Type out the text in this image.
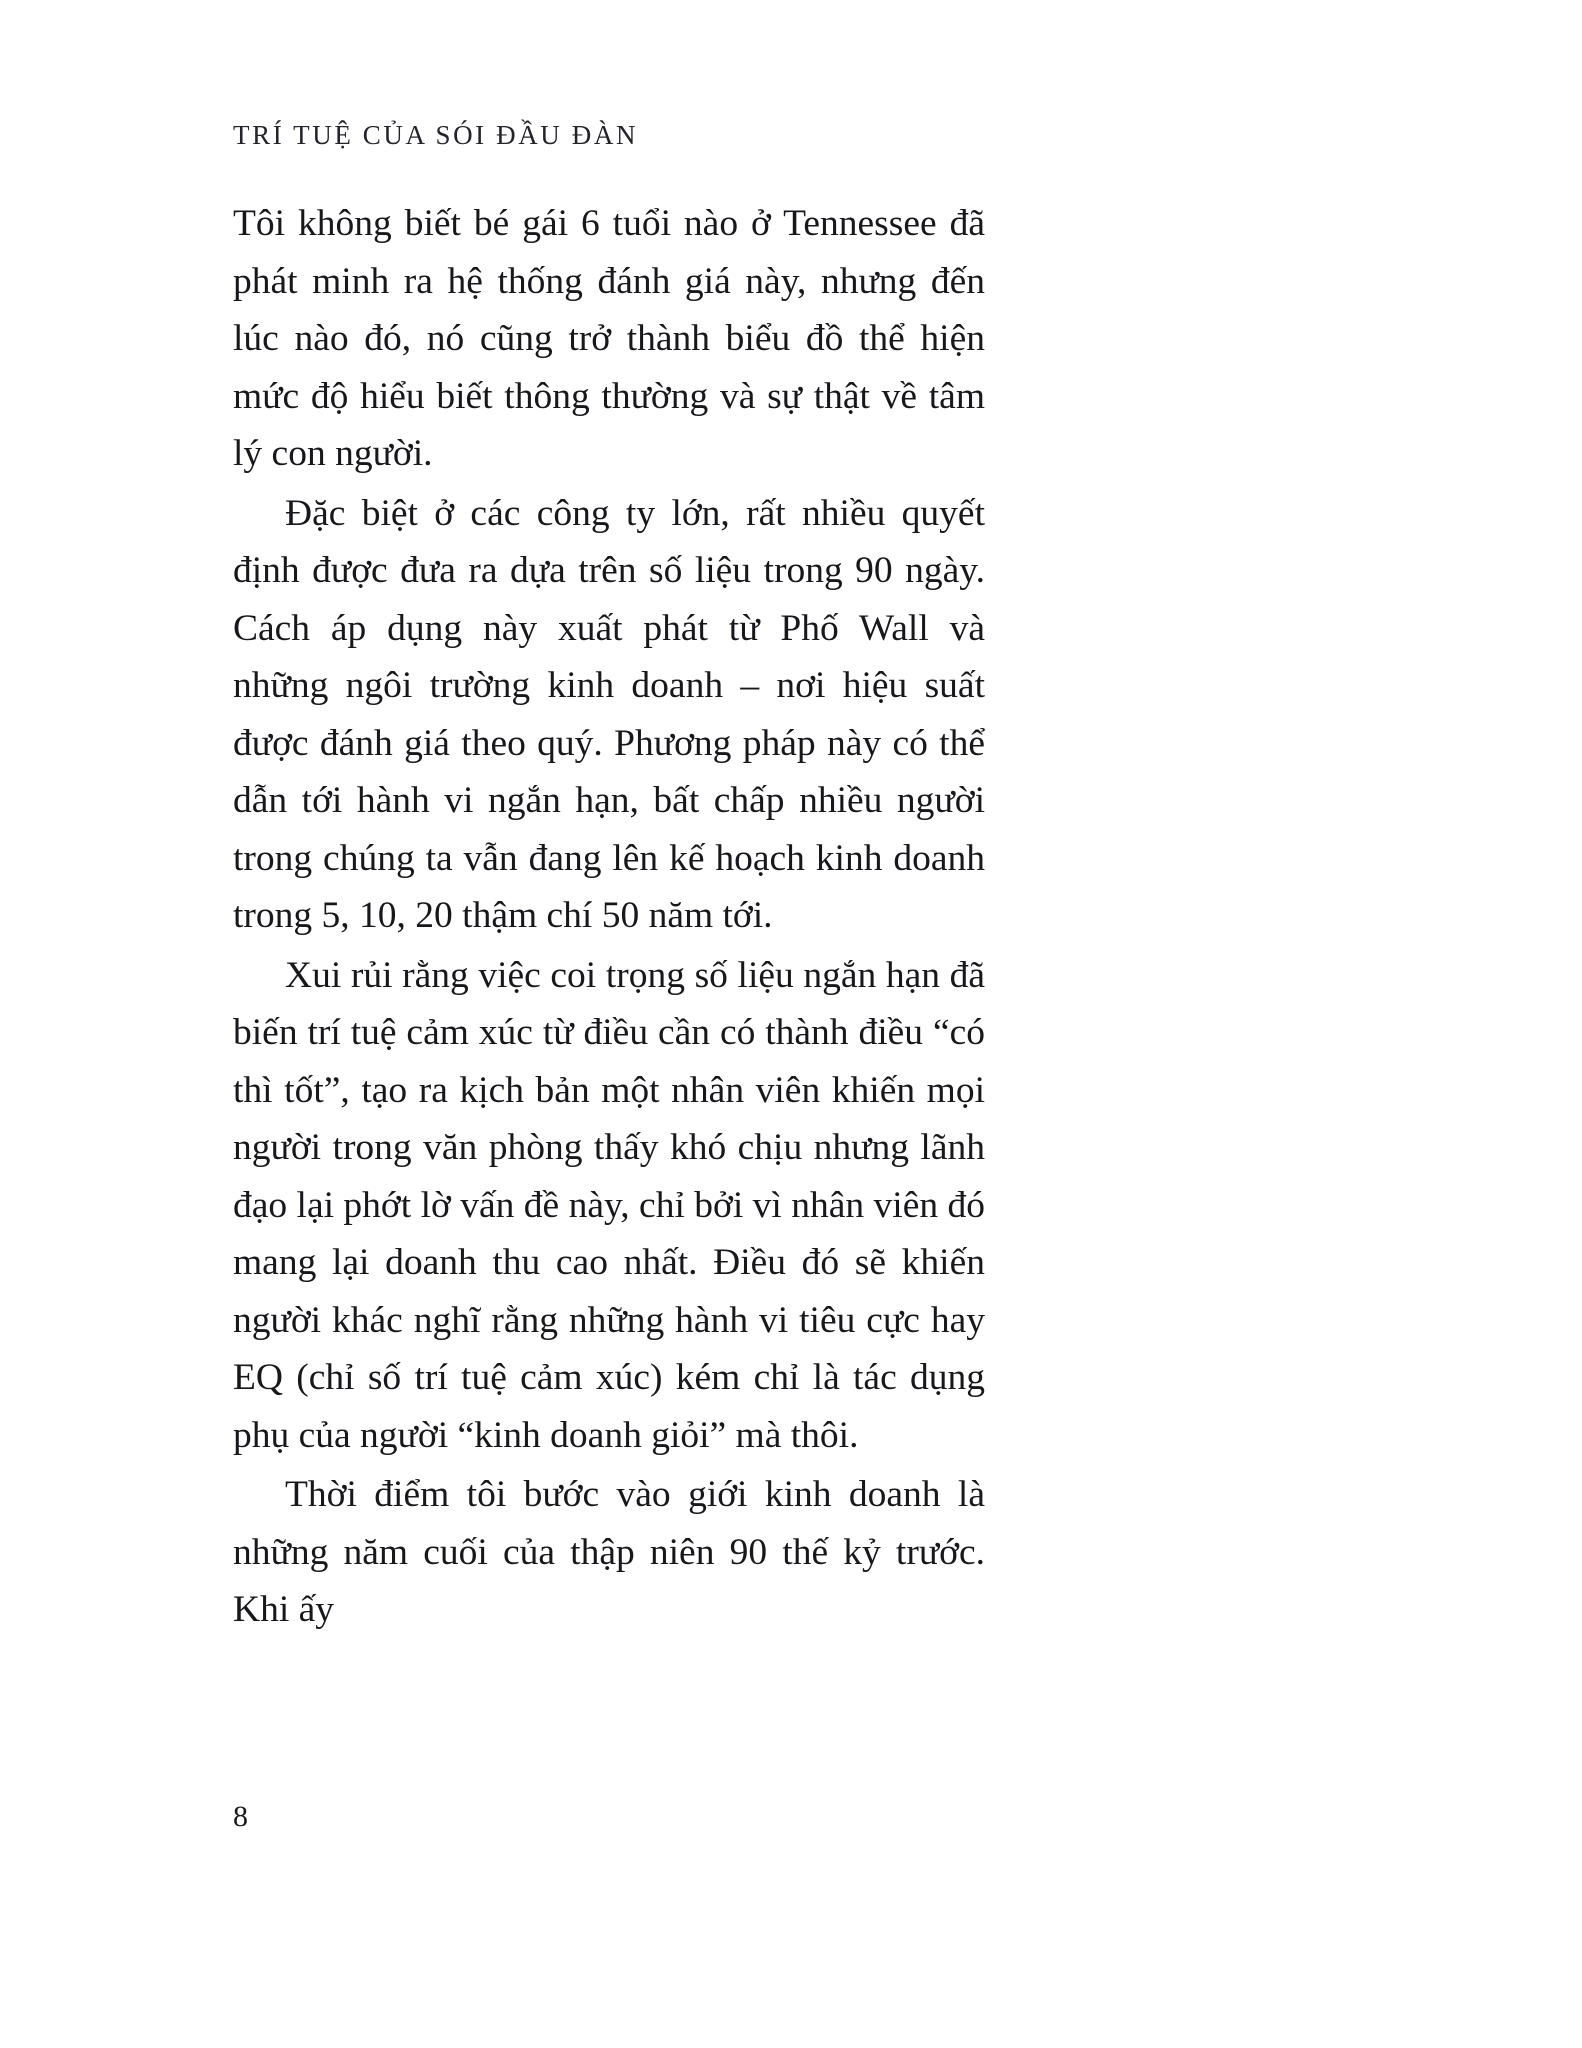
TRÍ TUỆ CỦA SÓI ĐẦU ĐÀN

Tôi không biết bé gái 6 tuổi nào ở Tennessee đã phát minh ra hệ thống đánh giá này, nhưng đến lúc nào đó, nó cũng trở thành biểu đồ thể hiện mức độ hiểu biết thông thường và sự thật về tâm lý con người.

Đặc biệt ở các công ty lớn, rất nhiều quyết định được đưa ra dựa trên số liệu trong 90 ngày. Cách áp dụng này xuất phát từ Phố Wall và những ngôi trường kinh doanh – nơi hiệu suất được đánh giá theo quý. Phương pháp này có thể dẫn tới hành vi ngắn hạn, bất chấp nhiều người trong chúng ta vẫn đang lên kế hoạch kinh doanh trong 5, 10, 20 thậm chí 50 năm tới.

Xui rủi rằng việc coi trọng số liệu ngắn hạn đã biến trí tuệ cảm xúc từ điều cần có thành điều “có thì tốt”, tạo ra kịch bản một nhân viên khiến mọi người trong văn phòng thấy khó chịu nhưng lãnh đạo lại phớt lờ vấn đề này, chỉ bởi vì nhân viên đó mang lại doanh thu cao nhất. Điều đó sẽ khiến người khác nghĩ rằng những hành vi tiêu cực hay EQ (chỉ số trí tuệ cảm xúc) kém chỉ là tác dụng phụ của người “kinh doanh giỏi” mà thôi.

Thời điểm tôi bước vào giới kinh doanh là những năm cuối của thập niên 90 thế kỷ trước. Khi ấy

8
